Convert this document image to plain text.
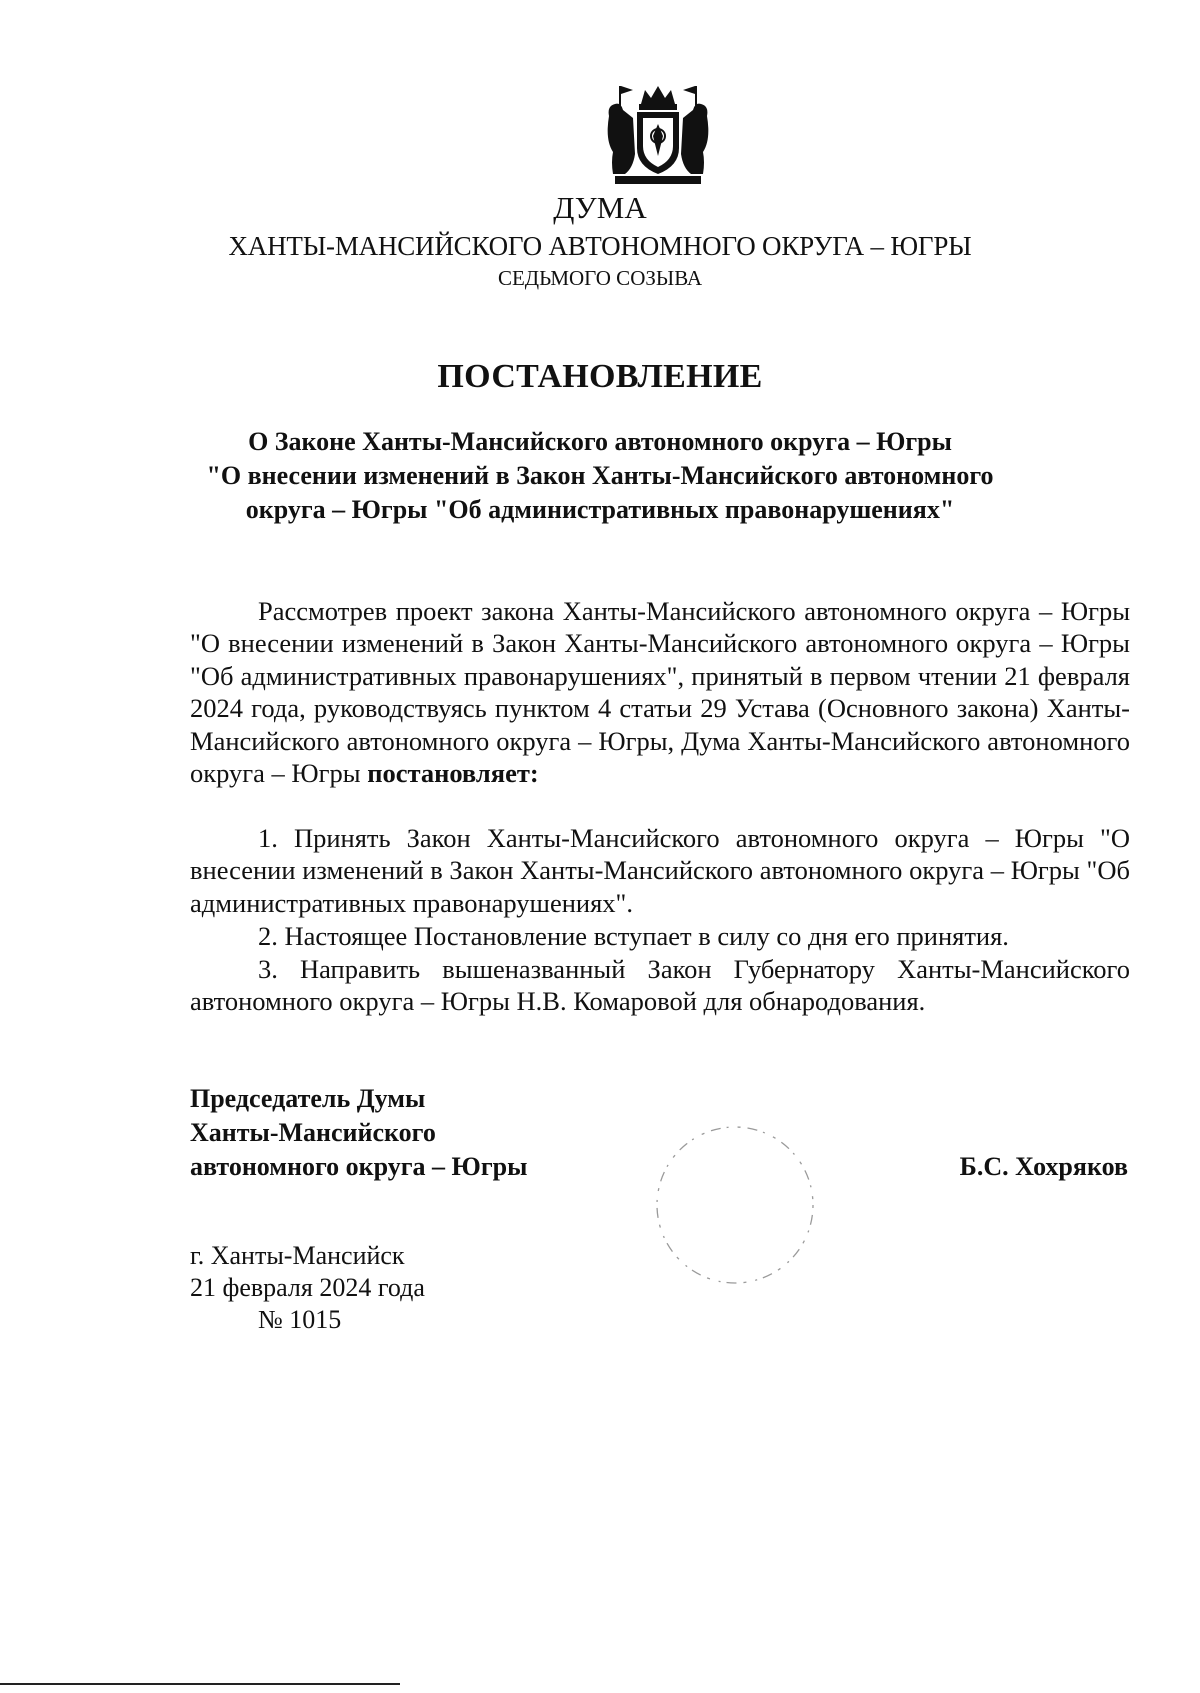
ДУМА
ХАНТЫ-МАНСИЙСКОГО АВТОНОМНОГО ОКРУГА – ЮГРЫ
СЕДЬМОГО СОЗЫВА
ПОСТАНОВЛЕНИЕ
О Законе Ханты-Мансийского автономного округа – Югры
"О внесении изменений в Закон Ханты-Мансийского автономного
округа – Югры "Об административных правонарушениях"
Рассмотрев проект закона Ханты-Мансийского автономного округа – Югры "О внесении изменений в Закон Ханты-Мансийского автономного округа – Югры "Об административных правонарушениях", принятый в первом чтении 21 февраля 2024 года, руководствуясь пунктом 4 статьи 29 Устава (Основного закона) Ханты-Мансийского автономного округа – Югры, Дума Ханты-Мансийского автономного округа – Югры постановляет:
1. Принять Закон Ханты-Мансийского автономного округа – Югры "О внесении изменений в Закон Ханты-Мансийского автономного округа – Югры "Об административных правонарушениях".
2. Настоящее Постановление вступает в силу со дня его принятия.
3. Направить вышеназванный Закон Губернатору Ханты-Мансийского автономного округа – Югры Н.В. Комаровой для обнародования.
Председатель Думы
Ханты-Мансийского
автономного округа – Югры	Б.С. Хохряков
г. Ханты-Мансийск
21 февраля 2024 года
№ 1015
